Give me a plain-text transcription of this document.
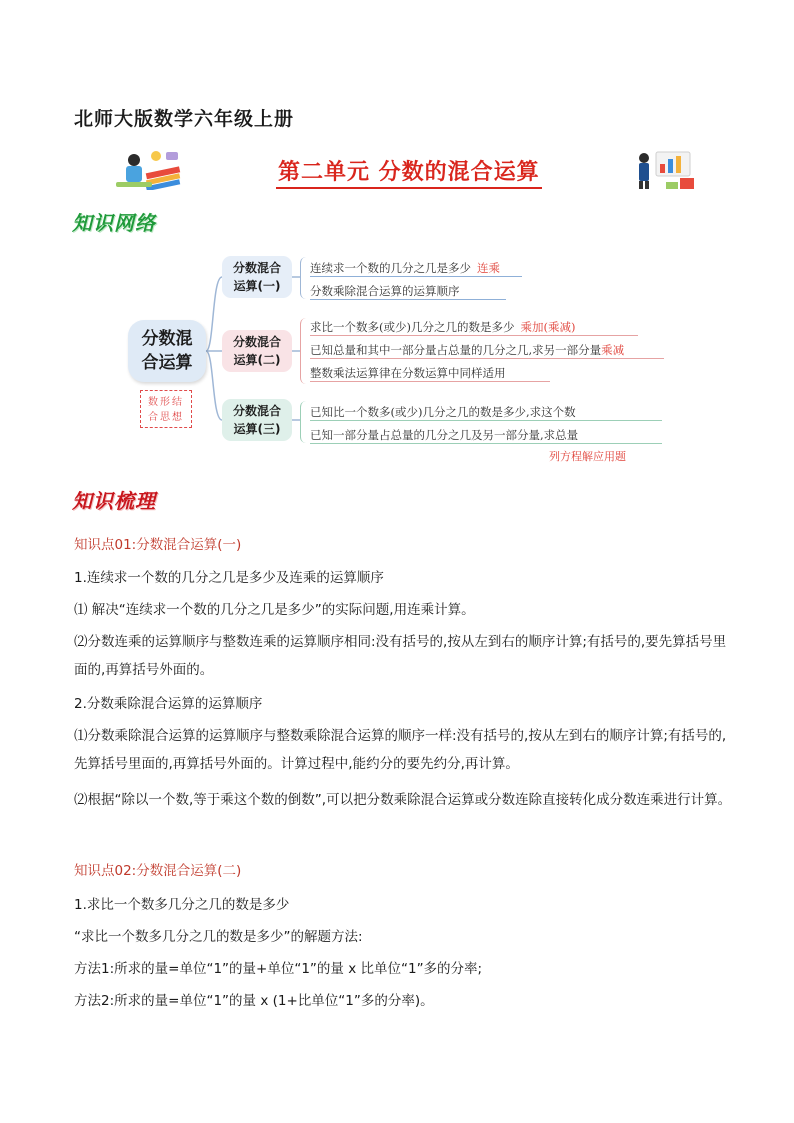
北师大版数学六年级上册
第二单元 分数的混合运算
知识网络
分数混
合运算
数形结
合思想
分数混合
运算(一)
连续求一个数的几分之几是多少 连乘
分数乘除混合运算的运算顺序
分数混合
运算(二)
求比一个数多(或少)几分之几的数是多少 乘加(乘减)
已知总量和其中一部分量占总量的几分之几,求另一部分量乘减
整数乘法运算律在分数运算中同样适用
分数混合
运算(三)
已知比一个数多(或少)几分之几的数是多少,求这个数
已知一部分量占总量的几分之几及另一部分量,求总量
列方程解应用题
知识梳理
知识点01:分数混合运算(一)
1.连续求一个数的几分之几是多少及连乘的运算顺序
⑴ 解决“连续求一个数的几分之几是多少”的实际问题,用连乘计算。
⑵分数连乘的运算顺序与整数连乘的运算顺序相同:没有括号的,按从左到右的顺序计算;有括号的,要先算括号里面的,再算括号外面的。
2.分数乘除混合运算的运算顺序
⑴分数乘除混合运算的运算顺序与整数乘除混合运算的顺序一样:没有括号的,按从左到右的顺序计算;有括号的,先算括号里面的,再算括号外面的。计算过程中,能约分的要先约分,再计算。
⑵根据“除以一个数,等于乘这个数的倒数”,可以把分数乘除混合运算或分数连除直接转化成分数连乘进行计算。
知识点02:分数混合运算(二)
1.求比一个数多几分之几的数是多少
“求比一个数多几分之几的数是多少”的解题方法:
方法1:所求的量=单位“1”的量+单位“1”的量 x 比单位“1”多的分率;
方法2:所求的量=单位“1”的量 x (1+比单位“1”多的分率)。
